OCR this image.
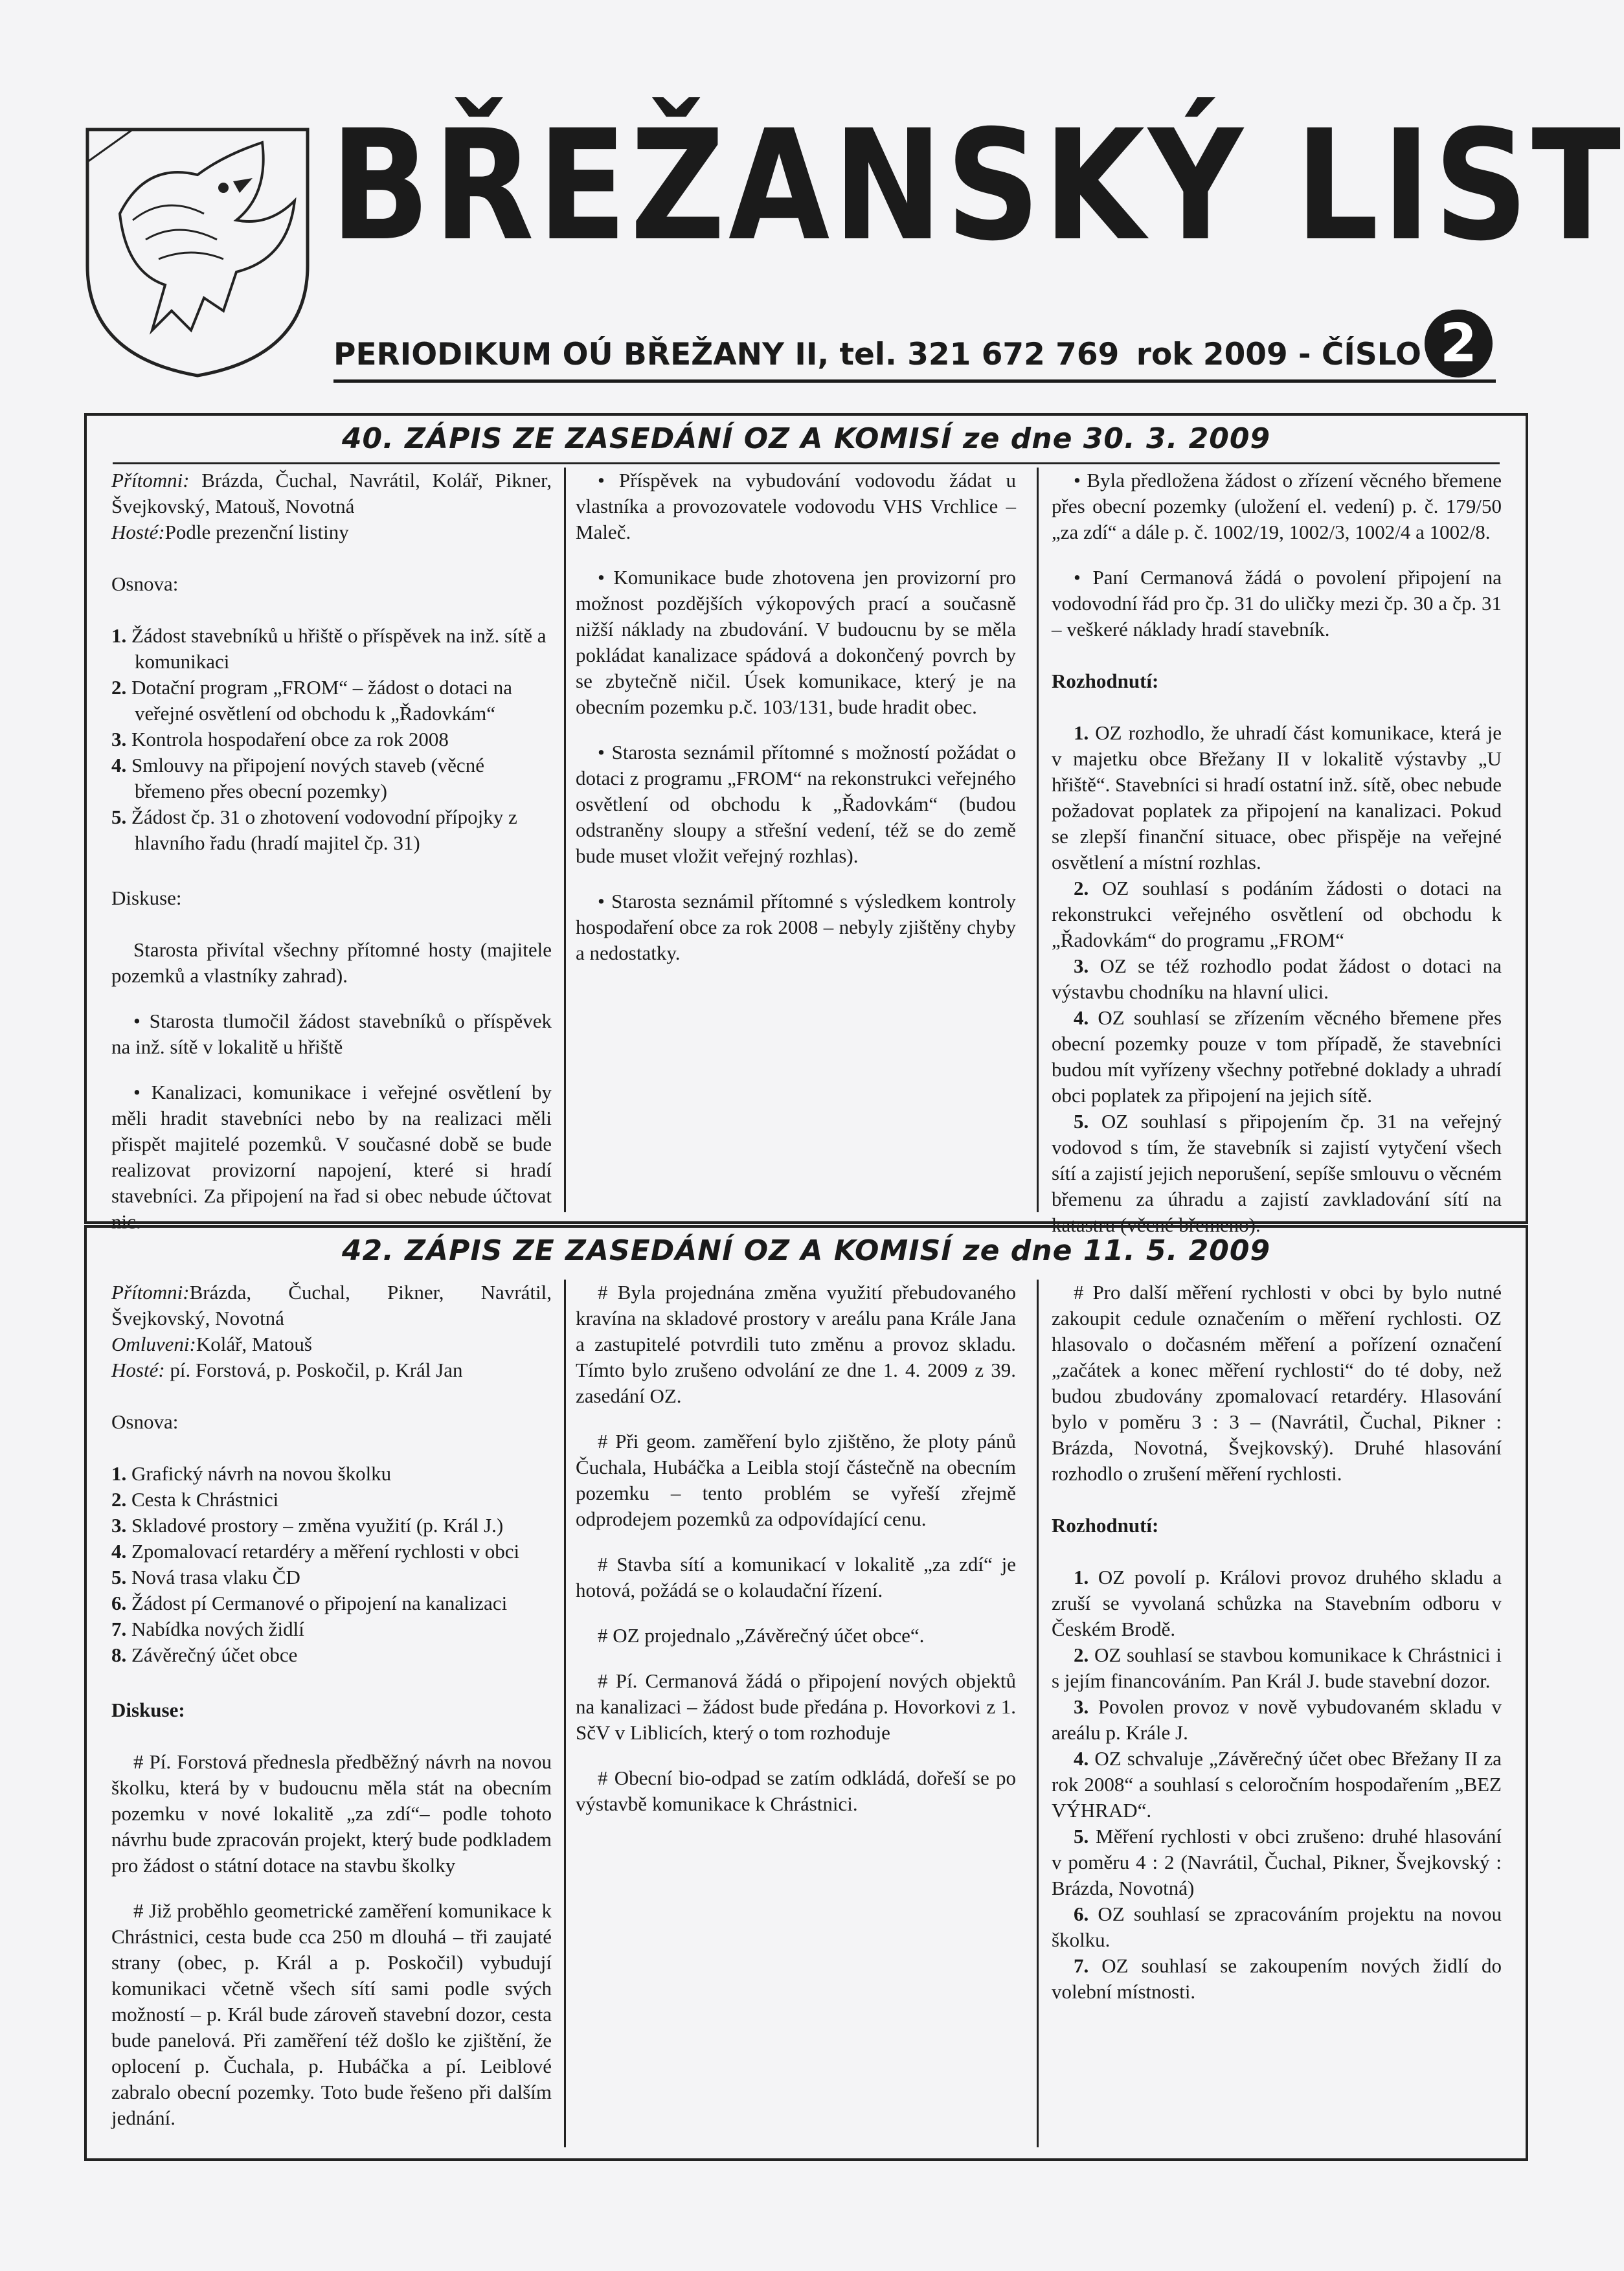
BŘEŽANSKÝ LIST
PERIODIKUM OÚ BŘEŽANY II, tel. 321 672 769 rok 2009 - ČÍSLO 2
40. ZÁPIS ZE ZASEDÁNÍ OZ A KOMISÍ ze dne 30. 3. 2009

Přítomni: Brázda, Čuchal, Navrátil, Kolář, Pikner, Švejkovský, Matouš, Novotná

Hosté:Podle prezenční listiny

Osnova:
1. Žádost stavebníků u hřiště o příspěvek na inž. sítě a komunikaci
2. Dotační program „FROM“ – žádost o dotaci na veřejné osvětlení od obchodu k „Řadovkám“
3. Kontrola hospodaření obce za rok 2008
4. Smlouvy na připojení nových staveb (věcné břemeno přes obecní pozemky)
5. Žádost čp. 31 o zhotovení vodovodní přípojky z hlavního řadu (hradí majitel čp. 31)
Diskuse:

Starosta přivítal všechny přítomné hosty (majitele pozemků a vlastníky zahrad).

• Starosta tlumočil žádost stavebníků o příspěvek na inž. sítě v lokalitě u hřiště

• Kanalizaci, komunikace i veřejné osvětlení by měli hradit stavebníci nebo by na realizaci měli přispět majitelé pozemků. V současné době se bude realizovat provizorní napojení, které si hradí stavebníci. Za připojení na řad si obec nebude účtovat nic.

• Příspěvek na vybudování vodovodu žádat u vlastníka a provozovatele vodovodu VHS Vrchlice – Maleč.

• Komunikace bude zhotovena jen provizorní pro možnost pozdějších výkopových prací a současně nižší náklady na zbudování. V budoucnu by se měla pokládat kanalizace spádová a dokončený povrch by se zbytečně ničil. Úsek komunikace, který je na obecním pozemku p.č. 103/131, bude hradit obec.

• Starosta seznámil přítomné s možností požádat o dotaci z programu „FROM“ na rekonstrukci veřejného osvětlení od obchodu k „Řadovkám“ (budou odstraněny sloupy a střešní vedení, též se do země bude muset vložit veřejný rozhlas).

• Starosta seznámil přítomné s výsledkem kontroly hospodaření obce za rok 2008 – nebyly zjištěny chyby a nedostatky.

• Byla předložena žádost o zřízení věcného břemene přes obecní pozemky (uložení el. vedení) p. č. 179/50 „za zdí“ a dále p. č. 1002/19, 1002/3, 1002/4 a 1002/8.

• Paní Cermanová žádá o povolení připojení na vodovodní řád pro čp. 31 do uličky mezi čp. 30 a čp. 31 – veškeré náklady hradí stavebník.

Rozhodnutí:

1. OZ rozhodlo, že uhradí část komunikace, která je v majetku obce Břežany II v lokalitě výstavby „U hřiště“. Stavebníci si hradí ostatní inž. sítě, obec nebude požadovat poplatek za připojení na kanalizaci. Pokud se zlepší finanční situace, obec přispěje na veřejné osvětlení a místní rozhlas.

2. OZ souhlasí s podáním žádosti o dotaci na rekonstrukci veřejného osvětlení od obchodu k „Řadovkám“ do programu „FROM“

3. OZ se též rozhodlo podat žádost o dotaci na výstavbu chodníku na hlavní ulici.

4. OZ souhlasí se zřízením věcného břemene přes obecní pozemky pouze v tom případě, že stavebníci budou mít vyřízeny všechny potřebné doklady a uhradí obci poplatek za připojení na jejich sítě.

5. OZ souhlasí s připojením čp. 31 na veřejný vodovod s tím, že stavebník si zajistí vytyčení všech sítí a zajistí jejich neporušení, sepíše smlouvu o věcném břemenu za úhradu a zajistí zavkladování sítí na katastru (věcné břemeno).

42. ZÁPIS ZE ZASEDÁNÍ OZ A KOMISÍ ze dne 11. 5. 2009

Přítomni:Brázda, Čuchal, Pikner, Navrátil, Švejkovský, Novotná

Omluveni:Kolář, Matouš

Hosté: pí. Forstová, p. Poskočil, p. Král Jan

Osnova:
1. Grafický návrh na novou školku
2. Cesta k Chrástnici
3. Skladové prostory – změna využití (p. Král J.)
4. Zpomalovací retardéry a měření rychlosti v obci
5. Nová trasa vlaku ČD
6. Žádost pí Cermanové o připojení na kanalizaci
7. Nabídka nových židlí
8. Závěrečný účet obce
Diskuse:

# Pí. Forstová přednesla předběžný návrh na novou školku, která by v budoucnu měla stát na obecním pozemku v nové lokalitě „za zdí“– podle tohoto návrhu bude zpracován projekt, který bude podkladem pro žádost o státní dotace na stavbu školky

# Již proběhlo geometrické zaměření komunikace k Chrástnici, cesta bude cca 250 m dlouhá – tři zaujaté strany (obec, p. Král a p. Poskočil) vybudují komunikaci včetně všech sítí sami podle svých možností – p. Král bude zároveň stavební dozor, cesta bude panelová. Při zaměření též došlo ke zjištění, že oplocení p. Čuchala, p. Hubáčka a pí. Leiblové zabralo obecní pozemky. Toto bude řešeno při dalším jednání.

# Byla projednána změna využití přebudovaného kravína na skladové prostory v areálu pana Krále Jana a zastupitelé potvrdili tuto změnu a provoz skladu. Tímto bylo zrušeno odvolání ze dne 1. 4. 2009 z 39. zasedání OZ.

# Při geom. zaměření bylo zjištěno, že ploty pánů Čuchala, Hubáčka a Leibla stojí částečně na obecním pozemku – tento problém se vyřeší zřejmě odprodejem pozemků za odpovídající cenu.

# Stavba sítí a komunikací v lokalitě „za zdí“ je hotová, požádá se o kolaudační řízení.

# OZ projednalo „Závěrečný účet obce“.

# Pí. Cermanová žádá o připojení nových objektů na kanalizaci – žádost bude předána p. Hovorkovi z 1. SčV v Liblicích, který o tom rozhoduje

# Obecní bio-odpad se zatím odkládá, dořeší se po výstavbě komunikace k Chrástnici.

# Pro další měření rychlosti v obci by bylo nutné zakoupit cedule označením o měření rychlosti. OZ hlasovalo o dočasném měření a pořízení označení „začátek a konec měření rychlosti“ do té doby, než budou zbudovány zpomalovací retardéry. Hlasování bylo v poměru 3 : 3 – (Navrátil, Čuchal, Pikner : Brázda, Novotná, Švejkovský). Druhé hlasování rozhodlo o zrušení měření rychlosti.

Rozhodnutí:

1. OZ povolí p. Královi provoz druhého skladu a zruší se vyvolaná schůzka na Stavebním odboru v Českém Brodě.

2. OZ souhlasí se stavbou komunikace k Chrástnici i s jejím financováním. Pan Král J. bude stavební dozor.

3. Povolen provoz v nově vybudovaném skladu v areálu p. Krále J.

4. OZ schvaluje „Závěrečný účet obec Břežany II za rok 2008“ a souhlasí s celoročním hospodařením „BEZ VÝHRAD“.

5. Měření rychlosti v obci zrušeno: druhé hlasování v poměru 4 : 2 (Navrátil, Čuchal, Pikner, Švejkovský : Brázda, Novotná)

6. OZ souhlasí se zpracováním projektu na novou školku.

7. OZ souhlasí se zakoupením nových židlí do volební místnosti.
